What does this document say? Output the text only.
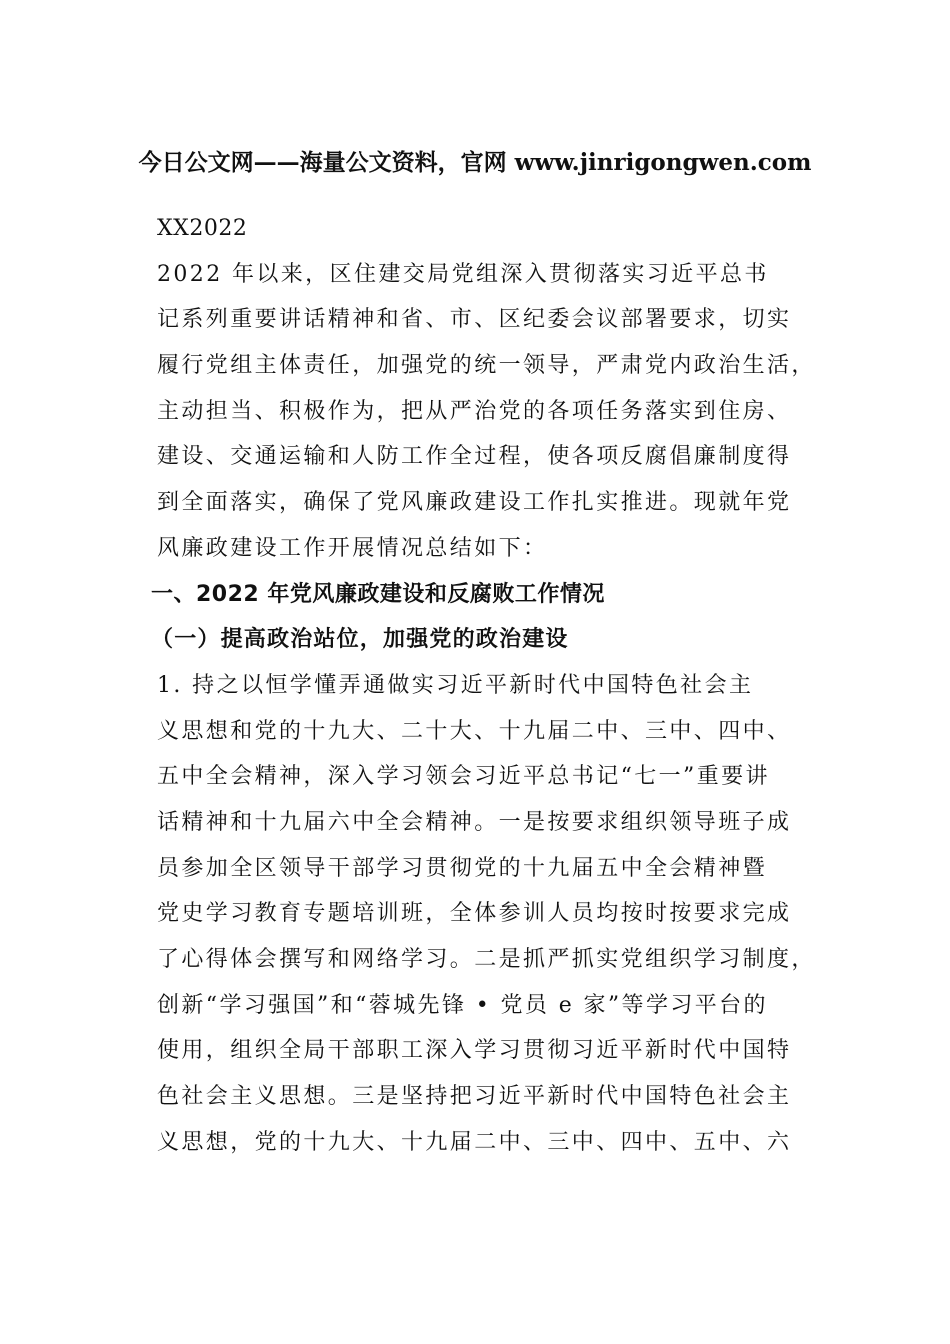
今日公文网——海量公文资料，官网 www.jinrigongwen.com
XX2022
2022 年以来，区住建交局党组深入贯彻落实习近平总书
记系列重要讲话精神和省、市、区纪委会议部署要求，切实
履行党组主体责任，加强党的统一领导，严肃党内政治生活，
主动担当、积极作为，把从严治党的各项任务落实到住房、
建设、交通运输和人防工作全过程，使各项反腐倡廉制度得
到全面落实，确保了党风廉政建设工作扎实推进。现就年党
风廉政建设工作开展情况总结如下：
一、2022 年党风廉政建设和反腐败工作情况
（一）提高政治站位，加强党的政治建设
1. 持之以恒学懂弄通做实习近平新时代中国特色社会主
义思想和党的十九大、二十大、十九届二中、三中、四中、
五中全会精神，深入学习领会习近平总书记“七一”重要讲
话精神和十九届六中全会精神。一是按要求组织领导班子成
员参加全区领导干部学习贯彻党的十九届五中全会精神暨
党史学习教育专题培训班，全体参训人员均按时按要求完成
了心得体会撰写和网络学习。二是抓严抓实党组织学习制度，
创新“学习强国”和“蓉城先锋 • 党员 e 家”等学习平台的
使用，组织全局干部职工深入学习贯彻习近平新时代中国特
色社会主义思想。三是坚持把习近平新时代中国特色社会主
义思想，党的十九大、十九届二中、三中、四中、五中、六
